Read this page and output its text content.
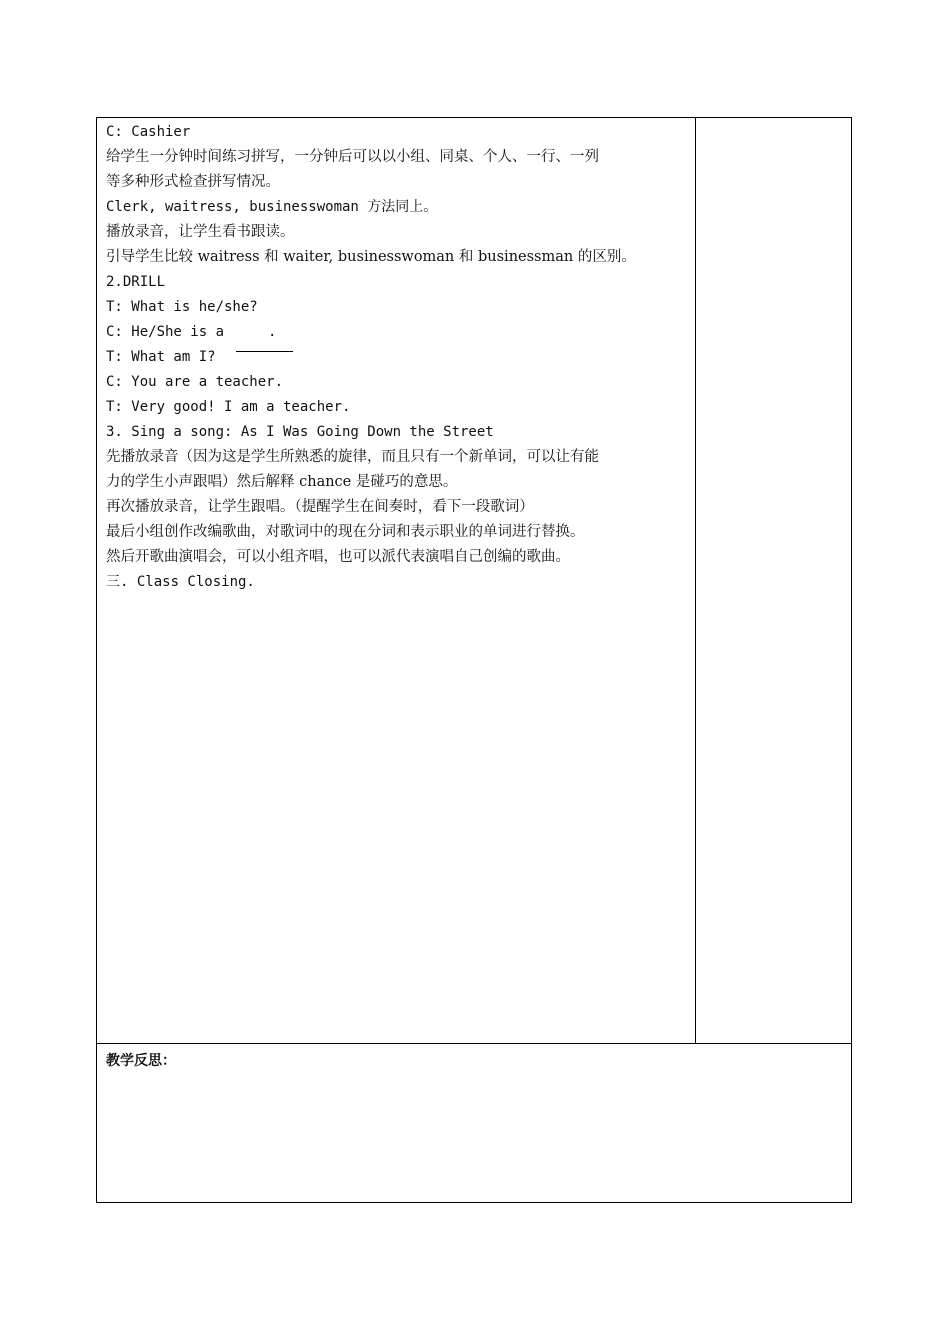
C: Cashier
给学生一分钟时间练习拼写，一分钟后可以以小组、同桌、个人、一行、一列
等多种形式检查拼写情况。
Clerk, waitress, businesswoman 方法同上。
播放录音，让学生看书跟读。
引导学生比较 waitress 和 waiter, businesswoman 和 businessman 的区别。
2.DRILL
T: What is he/she?
C: He/She is a	.
T: What am I?
C: You are a teacher.
T: Very good! I am a teacher.
3. Sing a song: As I Was Going Down the Street
先播放录音（因为这是学生所熟悉的旋律，而且只有一个新单词，可以让有能
力的学生小声跟唱）然后解释 chance 是碰巧的意思。
再次播放录音，让学生跟唱。（提醒学生在间奏时，看下一段歌词）
最后小组创作改编歌曲，对歌词中的现在分词和表示职业的单词进行替换。
然后开歌曲演唱会，可以小组齐唱，也可以派代表演唱自己创编的歌曲。
三. Class Closing.
教学反思：
